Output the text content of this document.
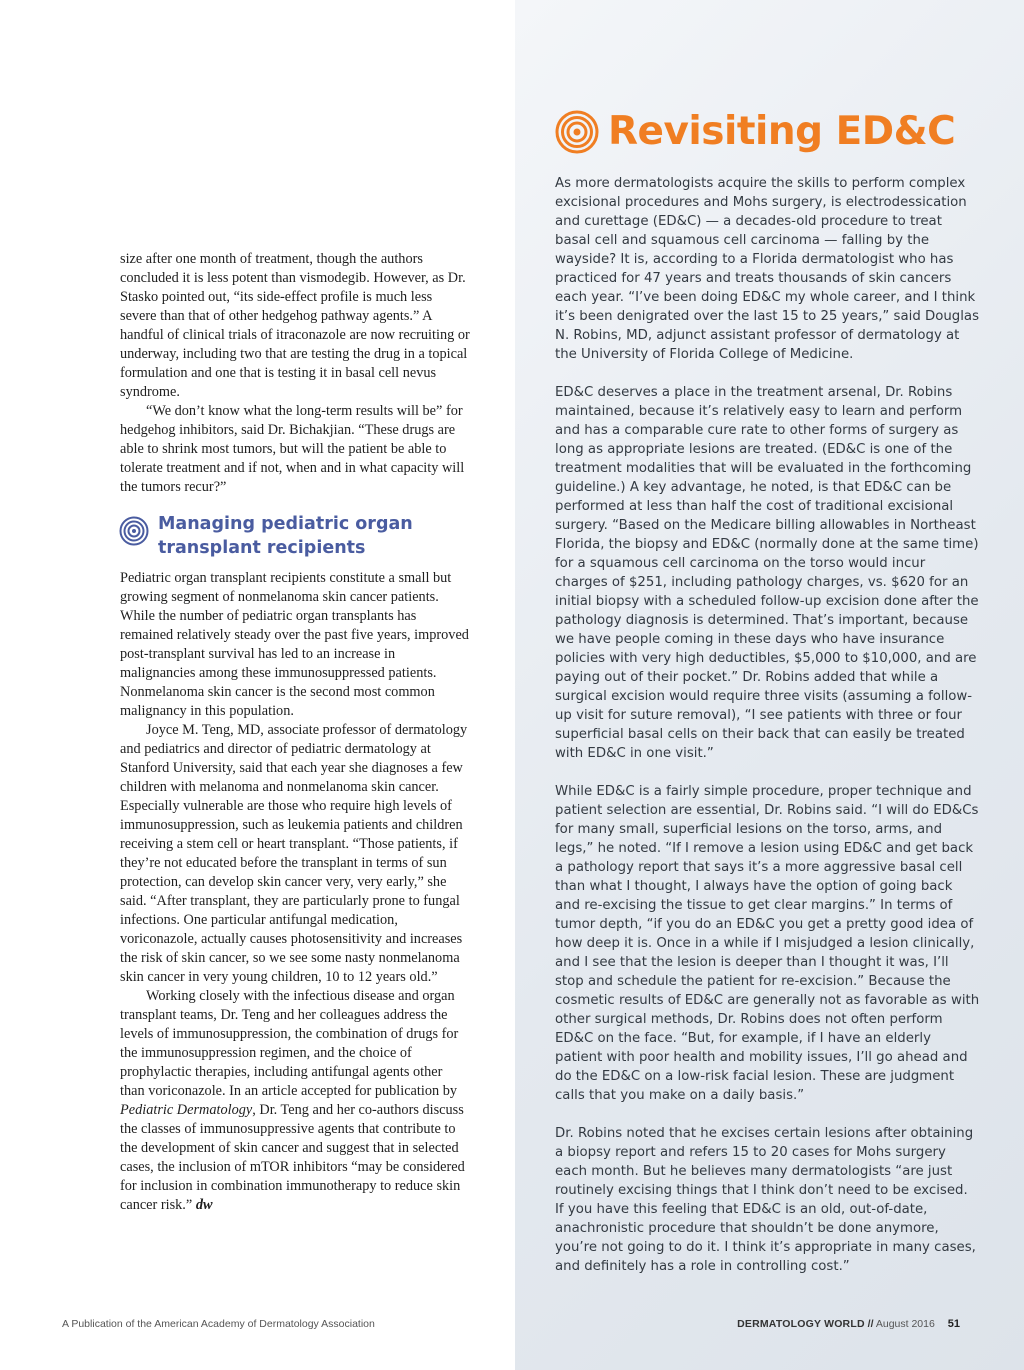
size after one month of treatment, though the authors concluded it is less potent than vismodegib. However, as Dr. Stasko pointed out, “its side-effect profile is much less severe than that of other hedgehog pathway agents.” A handful of clinical trials of itraconazole are now recruiting or underway, including two that are testing the drug in a topical formulation and one that is testing it in basal cell nevus syndrome.

“We don’t know what the long-term results will be” for hedgehog inhibitors, said Dr. Bichakjian. “These drugs are able to shrink most tumors, but will the patient be able to tolerate treatment and if not, when and in what capacity will the tumors recur?”

Managing pediatric organ transplant recipients

Pediatric organ transplant recipients constitute a small but growing segment of nonmelanoma skin cancer patients. While the number of pediatric organ transplants has remained relatively steady over the past five years, improved post-transplant survival has led to an increase in malignancies among these immunosuppressed patients. Nonmelanoma skin cancer is the second most common malignancy in this population.

Joyce M. Teng, MD, associate professor of dermatology and pediatrics and director of pediatric dermatology at Stanford University, said that each year she diagnoses a few children with melanoma and nonmelanoma skin cancer. Especially vulnerable are those who require high levels of immunosuppression, such as leukemia patients and children receiving a stem cell or heart transplant. “Those patients, if they’re not educated before the transplant in terms of sun protection, can develop skin cancer very, very early,” she said. “After transplant, they are particularly prone to fungal infections. One particular antifungal medication, voriconazole, actually causes photosensitivity and increases the risk of skin cancer, so we see some nasty nonmelanoma skin cancer in very young children, 10 to 12 years old.”

Working closely with the infectious disease and organ transplant teams, Dr. Teng and her colleagues address the levels of immunosuppression, the combination of drugs for the immunosuppression regimen, and the choice of prophylactic therapies, including antifungal agents other than voriconazole. In an article accepted for publication by Pediatric Dermatology, Dr. Teng and her co-authors discuss the classes of immunosuppressive agents that contribute to the development of skin cancer and suggest that in selected cases, the inclusion of mTOR inhibitors “may be considered for inclusion in combination immunotherapy to reduce skin cancer risk.” dw

Revisiting ED&C

As more dermatologists acquire the skills to perform complex excisional procedures and Mohs surgery, is electrodessication and curettage (ED&C) — a decades-old procedure to treat basal cell and squamous cell carcinoma — falling by the wayside? It is, according to a Florida dermatologist who has practiced for 47 years and treats thousands of skin cancers each year. “I’ve been doing ED&C my whole career, and I think it’s been denigrated over the last 15 to 25 years,” said Douglas N. Robins, MD, adjunct assistant professor of dermatology at the University of Florida College of Medicine.

ED&C deserves a place in the treatment arsenal, Dr. Robins maintained, because it’s relatively easy to learn and perform and has a comparable cure rate to other forms of surgery as long as appropriate lesions are treated. (ED&C is one of the treatment modalities that will be evaluated in the forthcoming guideline.) A key advantage, he noted, is that ED&C can be performed at less than half the cost of traditional excisional surgery. “Based on the Medicare billing allowables in Northeast Florida, the biopsy and ED&C (normally done at the same time) for a squamous cell carcinoma on the torso would incur charges of $251, including pathology charges, vs. $620 for an initial biopsy with a scheduled follow-up excision done after the pathology diagnosis is determined. That’s important, because we have people coming in these days who have insurance policies with very high deductibles, $5,000 to $10,000, and are paying out of their pocket.” Dr. Robins added that while a surgical excision would require three visits (assuming a follow-up visit for suture removal), “I see patients with three or four superficial basal cells on their back that can easily be treated with ED&C in one visit.”

While ED&C is a fairly simple procedure, proper technique and patient selection are essential, Dr. Robins said. “I will do ED&Cs for many small, superficial lesions on the torso, arms, and legs,” he noted. “If I remove a lesion using ED&C and get back a pathology report that says it’s a more aggressive basal cell than what I thought, I always have the option of going back and re-excising the tissue to get clear margins.” In terms of tumor depth, “if you do an ED&C you get a pretty good idea of how deep it is. Once in a while if I misjudged a lesion clinically, and I see that the lesion is deeper than I thought it was, I’ll stop and schedule the patient for re-excision.” Because the cosmetic results of ED&C are generally not as favorable as with other surgical methods, Dr. Robins does not often perform ED&C on the face. “But, for example, if I have an elderly patient with poor health and mobility issues, I’ll go ahead and do the ED&C on a low-risk facial lesion. These are judgment calls that you make on a daily basis.”

Dr. Robins noted that he excises certain lesions after obtaining a biopsy report and refers 15 to 20 cases for Mohs surgery each month. But he believes many dermatologists “are just routinely excising things that I think don’t need to be excised. If you have this feeling that ED&C is an old, out-of-date, anachronistic procedure that shouldn’t be done anymore, you’re not going to do it. I think it’s appropriate in many cases, and definitely has a role in controlling cost.”

A Publication of the American Academy of Dermatology Association	DERMATOLOGY WORLD // August 2016 51
